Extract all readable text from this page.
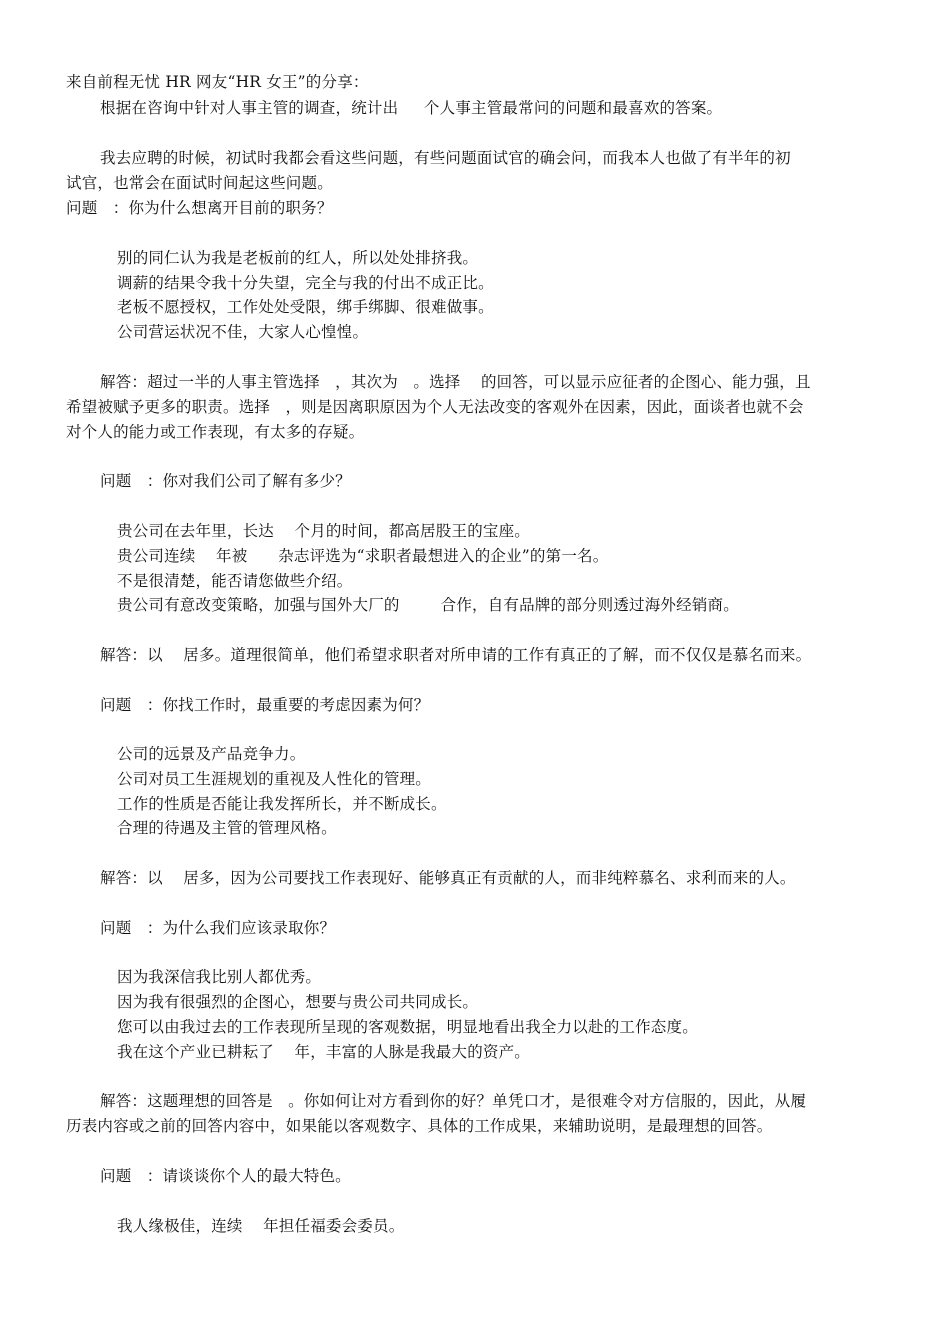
来自前程无忧 HR 网友“HR 女王”的分享：
根据在咨询中针对人事主管的调查，统计出     个人事主管最常问的问题和最喜欢的答案。
我去应聘的时候，初试时我都会看这些问题，有些问题面试官的确会问，而我本人也做了有半年的初
试官，也常会在面试时间起这些问题。
问题   ：你为什么想离开目前的职务？
别的同仁认为我是老板前的红人，所以处处排挤我。
调薪的结果令我十分失望，完全与我的付出不成正比。
老板不愿授权，工作处处受限，绑手绑脚、很难做事。
公司营运状况不佳，大家人心惶惶。
解答：超过一半的人事主管选择   ，其次为   。选择    的回答，可以显示应征者的企图心、能力强，且
希望被赋予更多的职责。选择   ，则是因离职原因为个人无法改变的客观外在因素，因此，面谈者也就不会
对个人的能力或工作表现，有太多的存疑。
问题   ：你对我们公司了解有多少？
贵公司在去年里，长达    个月的时间，都高居股王的宝座。
贵公司连续    年被      杂志评选为“求职者最想进入的企业”的第一名。
不是很清楚，能否请您做些介绍。
贵公司有意改变策略，加强与国外大厂的        合作，自有品牌的部分则透过海外经销商。
解答：以    居多。道理很简单，他们希望求职者对所申请的工作有真正的了解，而不仅仅是慕名而来。
问题   ：你找工作时，最重要的考虑因素为何？
公司的远景及产品竞争力。
公司对员工生涯规划的重视及人性化的管理。
工作的性质是否能让我发挥所长，并不断成长。
合理的待遇及主管的管理风格。
解答：以    居多，因为公司要找工作表现好、能够真正有贡献的人，而非纯粹慕名、求利而来的人。
问题   ：为什么我们应该录取你？
因为我深信我比别人都优秀。
因为我有很强烈的企图心，想要与贵公司共同成长。
您可以由我过去的工作表现所呈现的客观数据，明显地看出我全力以赴的工作态度。
我在这个产业已耕耘了    年，丰富的人脉是我最大的资产。
解答：这题理想的回答是   。你如何让对方看到你的好？单凭口才，是很难令对方信服的，因此，从履
历表内容或之前的回答内容中，如果能以客观数字、具体的工作成果，来辅助说明，是最理想的回答。
问题   ：请谈谈你个人的最大特色。
我人缘极佳，连续    年担任福委会委员。
